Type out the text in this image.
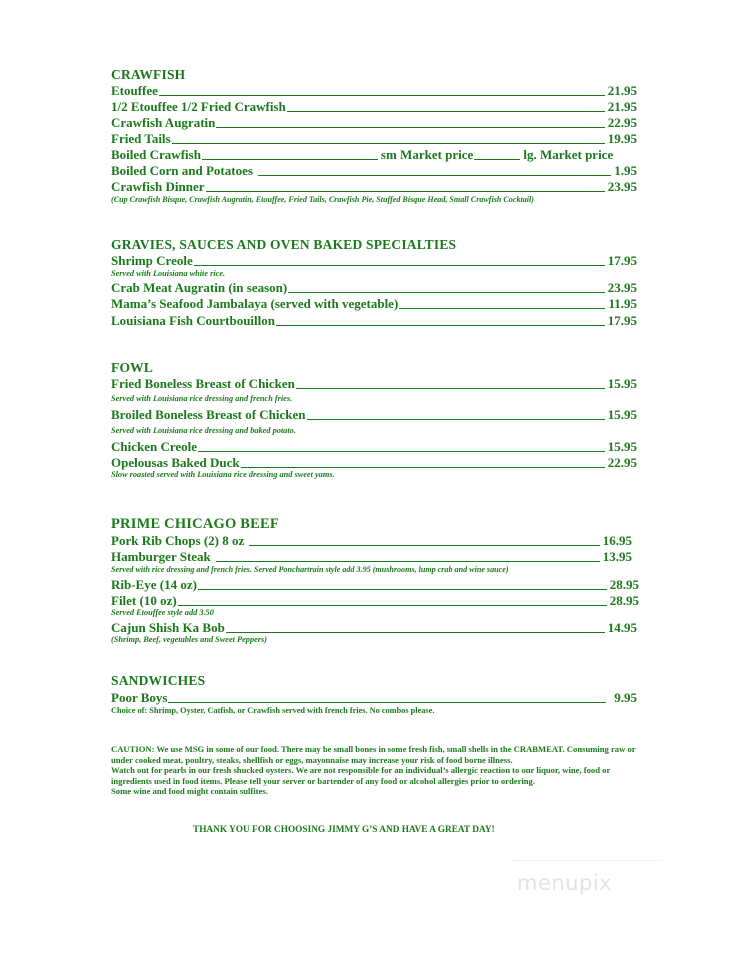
CRAWFISH
Etouffee	21.95
1/2 Etouffee 1/2 Fried Crawfish	21.95
Crawfish Augratin	22.95
Fried Tails	19.95
Boiled Crawfish	sm Market price	lg. Market price
Boiled Corn and Potatoes	1.95
Crawfish Dinner	23.95
(Cup Crawfish Bisque, Crawfish Augratin, Etouffee, Fried Tails, Crawfish Pie, Stuffed Bisque Head, Small Crawfish Cocktail)
GRAVIES, SAUCES AND OVEN BAKED SPECIALTIES
Shrimp Creole	17.95
Served with Louisiana white rice.
Crab Meat Augratin (in season)	23.95
Mama’s Seafood Jambalaya (served with vegetable)	11.95
Louisiana Fish Courtbouillon	17.95
FOWL
Fried Boneless Breast of Chicken	15.95
Served with Louisiana rice dressing and french fries.
Broiled Boneless Breast of Chicken	15.95
Served with Louisiana rice dressing and baked potato.
Chicken Creole	15.95
Opelousas Baked Duck	22.95
Slow roasted served with Louisiana rice dressing and sweet yams.
PRIME CHICAGO BEEF
Pork Rib Chops (2) 8 oz	16.95
Hamburger Steak	13.95
Served with rice dressing and french fries. Served Ponchartrain style add 3.95 (mushrooms, lump crab and wine sauce)
Rib-Eye (14 oz)	28.95
Filet (10 oz)	28.95
Served Etouffee style add 3.50
Cajun Shish Ka Bob	14.95
(Shrimp, Beef, vegetables and Sweet Peppers)
SANDWICHES
Poor Boys	9.95
Choice of: Shrimp, Oyster, Catfish, or Crawfish served with french fries. No combos please.
CAUTION: We use MSG in some of our food. There may be small bones in some fresh fish, small shells in the CRABMEAT. Consuming raw or under cooked meat, poultry, steaks, shellfish or eggs, mayonnaise may increase your risk of food borne illness.
Watch out for pearls in our fresh shucked oysters. We are not responsible for an individual’s allergic reaction to our liquor, wine, food or ingredients used in food items. Please tell your server or bartender of any food or alcohol allergies prior to ordering.
Some wine and food might contain sulfites.
THANK YOU FOR CHOOSING JIMMY G’S AND HAVE A GREAT DAY!
menupix
